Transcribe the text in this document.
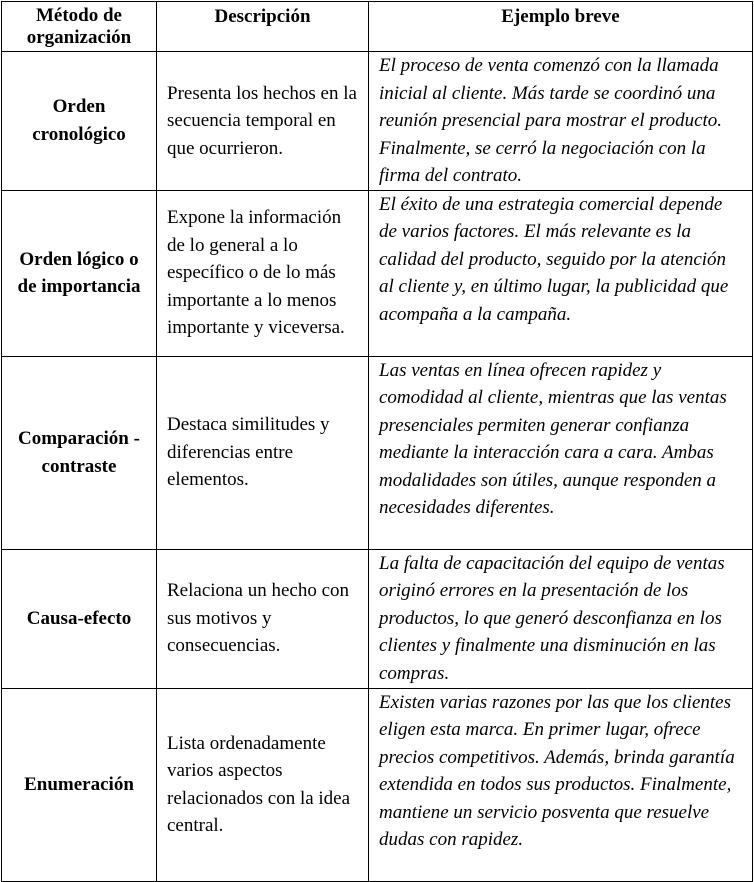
Método de organización	Descripción	Ejemplo breve
Orden cronológico	Presenta los hechos en la secuencia temporal en que ocurrieron.	El proceso de venta comenzó con la llamada inicial al cliente. Más tarde se coordinó una reunión presencial para mostrar el producto. Finalmente, se cerró la negociación con la firma del contrato.
Orden lógico o de importancia	Expone la información de lo general a lo específico o de lo más importante a lo menos importante y viceversa.	El éxito de una estrategia comercial depende de varios factores. El más relevante es la calidad del producto, seguido por la atención al cliente y, en último lugar, la publicidad que acompaña a la campaña.
Comparación - contraste	Destaca similitudes y diferencias entre elementos.	Las ventas en línea ofrecen rapidez y comodidad al cliente, mientras que las ventas presenciales permiten generar confianza mediante la interacción cara a cara. Ambas modalidades son útiles, aunque responden a necesidades diferentes.
Causa-efecto	Relaciona un hecho con sus motivos y consecuencias.	La falta de capacitación del equipo de ventas originó errores en la presentación de los productos, lo que generó desconfianza en los clientes y finalmente una disminución en las compras.
Enumeración	Lista ordenadamente varios aspectos relacionados con la idea central.	Existen varias razones por las que los clientes eligen esta marca. En primer lugar, ofrece precios competitivos. Además, brinda garantía extendida en todos sus productos. Finalmente, mantiene un servicio posventa que resuelve dudas con rapidez.
